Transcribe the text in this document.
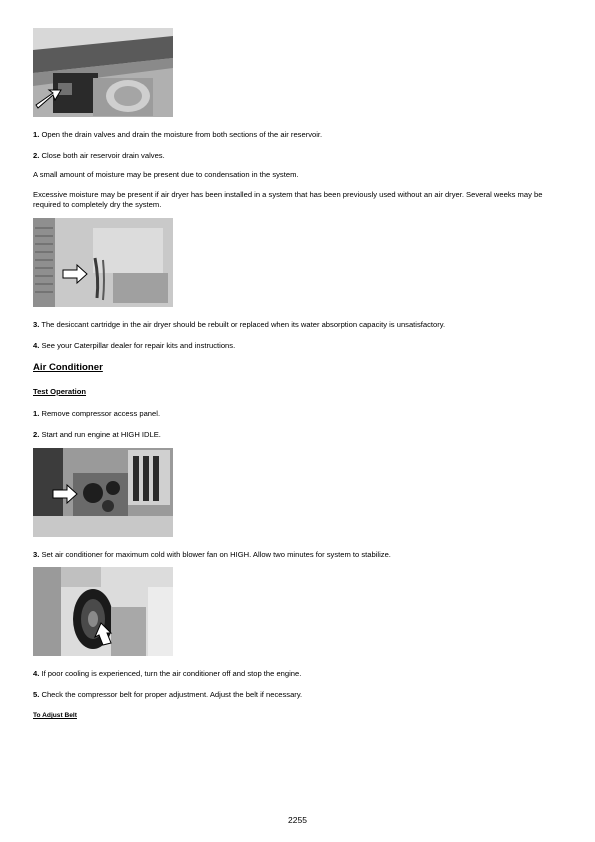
1. Open the drain valves and drain the moisture from both sections of the air reservoir.
2. Close both air reservoir drain valves.
A small amount of moisture may be present due to condensation in the system.
Excessive moisture may be present if air dryer has been installed in a system that has been previously used without an air dryer. Several weeks may be required to completely dry the system.
3. The desiccant cartridge in the air dryer should be rebuilt or replaced when its water absorption capacity is unsatisfactory.
4. See your Caterpillar dealer for repair kits and instructions.
Air Conditioner
Test Operation
1. Remove compressor access panel.
2. Start and run engine at HIGH IDLE.
3. Set air conditioner for maximum cold with blower fan on HIGH. Allow two minutes for system to stabilize.
4. If poor cooling is experienced, turn the air conditioner off and stop the engine.
5. Check the compressor belt for proper adjustment. Adjust the belt if necessary.
To Adjust Belt
2255
